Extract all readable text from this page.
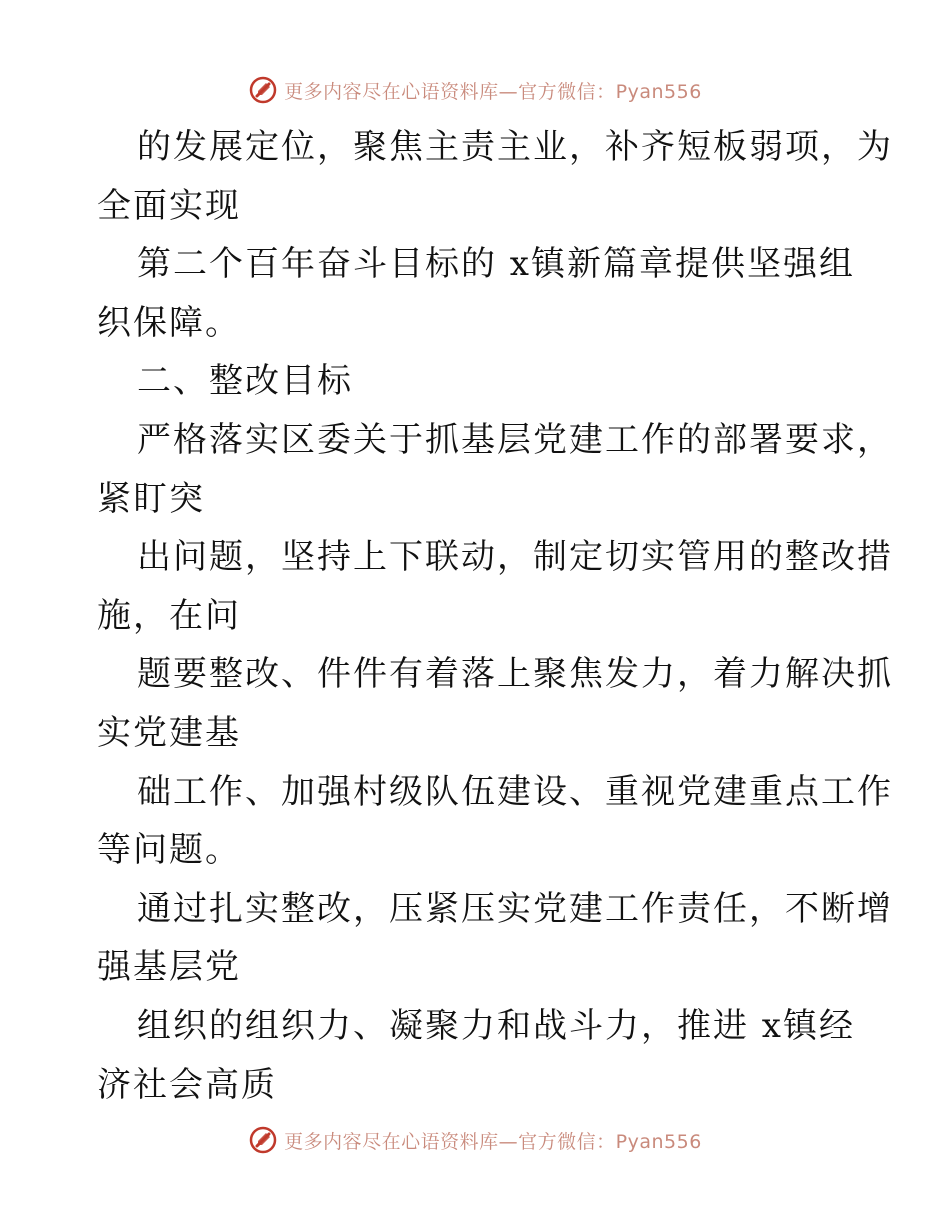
更多内容尽在心语资料库—官方微信：Pyan556
的发展定位，聚焦主责主业，补齐短板弱项，为
全面实现
第二个百年奋斗目标的 x镇新篇章提供坚强组
织保障。
二、整改目标
严格落实区委关于抓基层党建工作的部署要求，
紧盯突
出问题，坚持上下联动，制定切实管用的整改措
施，在问
题要整改、件件有着落上聚焦发力，着力解决抓
实党建基
础工作、加强村级队伍建设、重视党建重点工作
等问题。
通过扎实整改，压紧压实党建工作责任，不断增
强基层党
组织的组织力、凝聚力和战斗力，推进 x镇经
济社会高质
更多内容尽在心语资料库—官方微信：Pyan556
